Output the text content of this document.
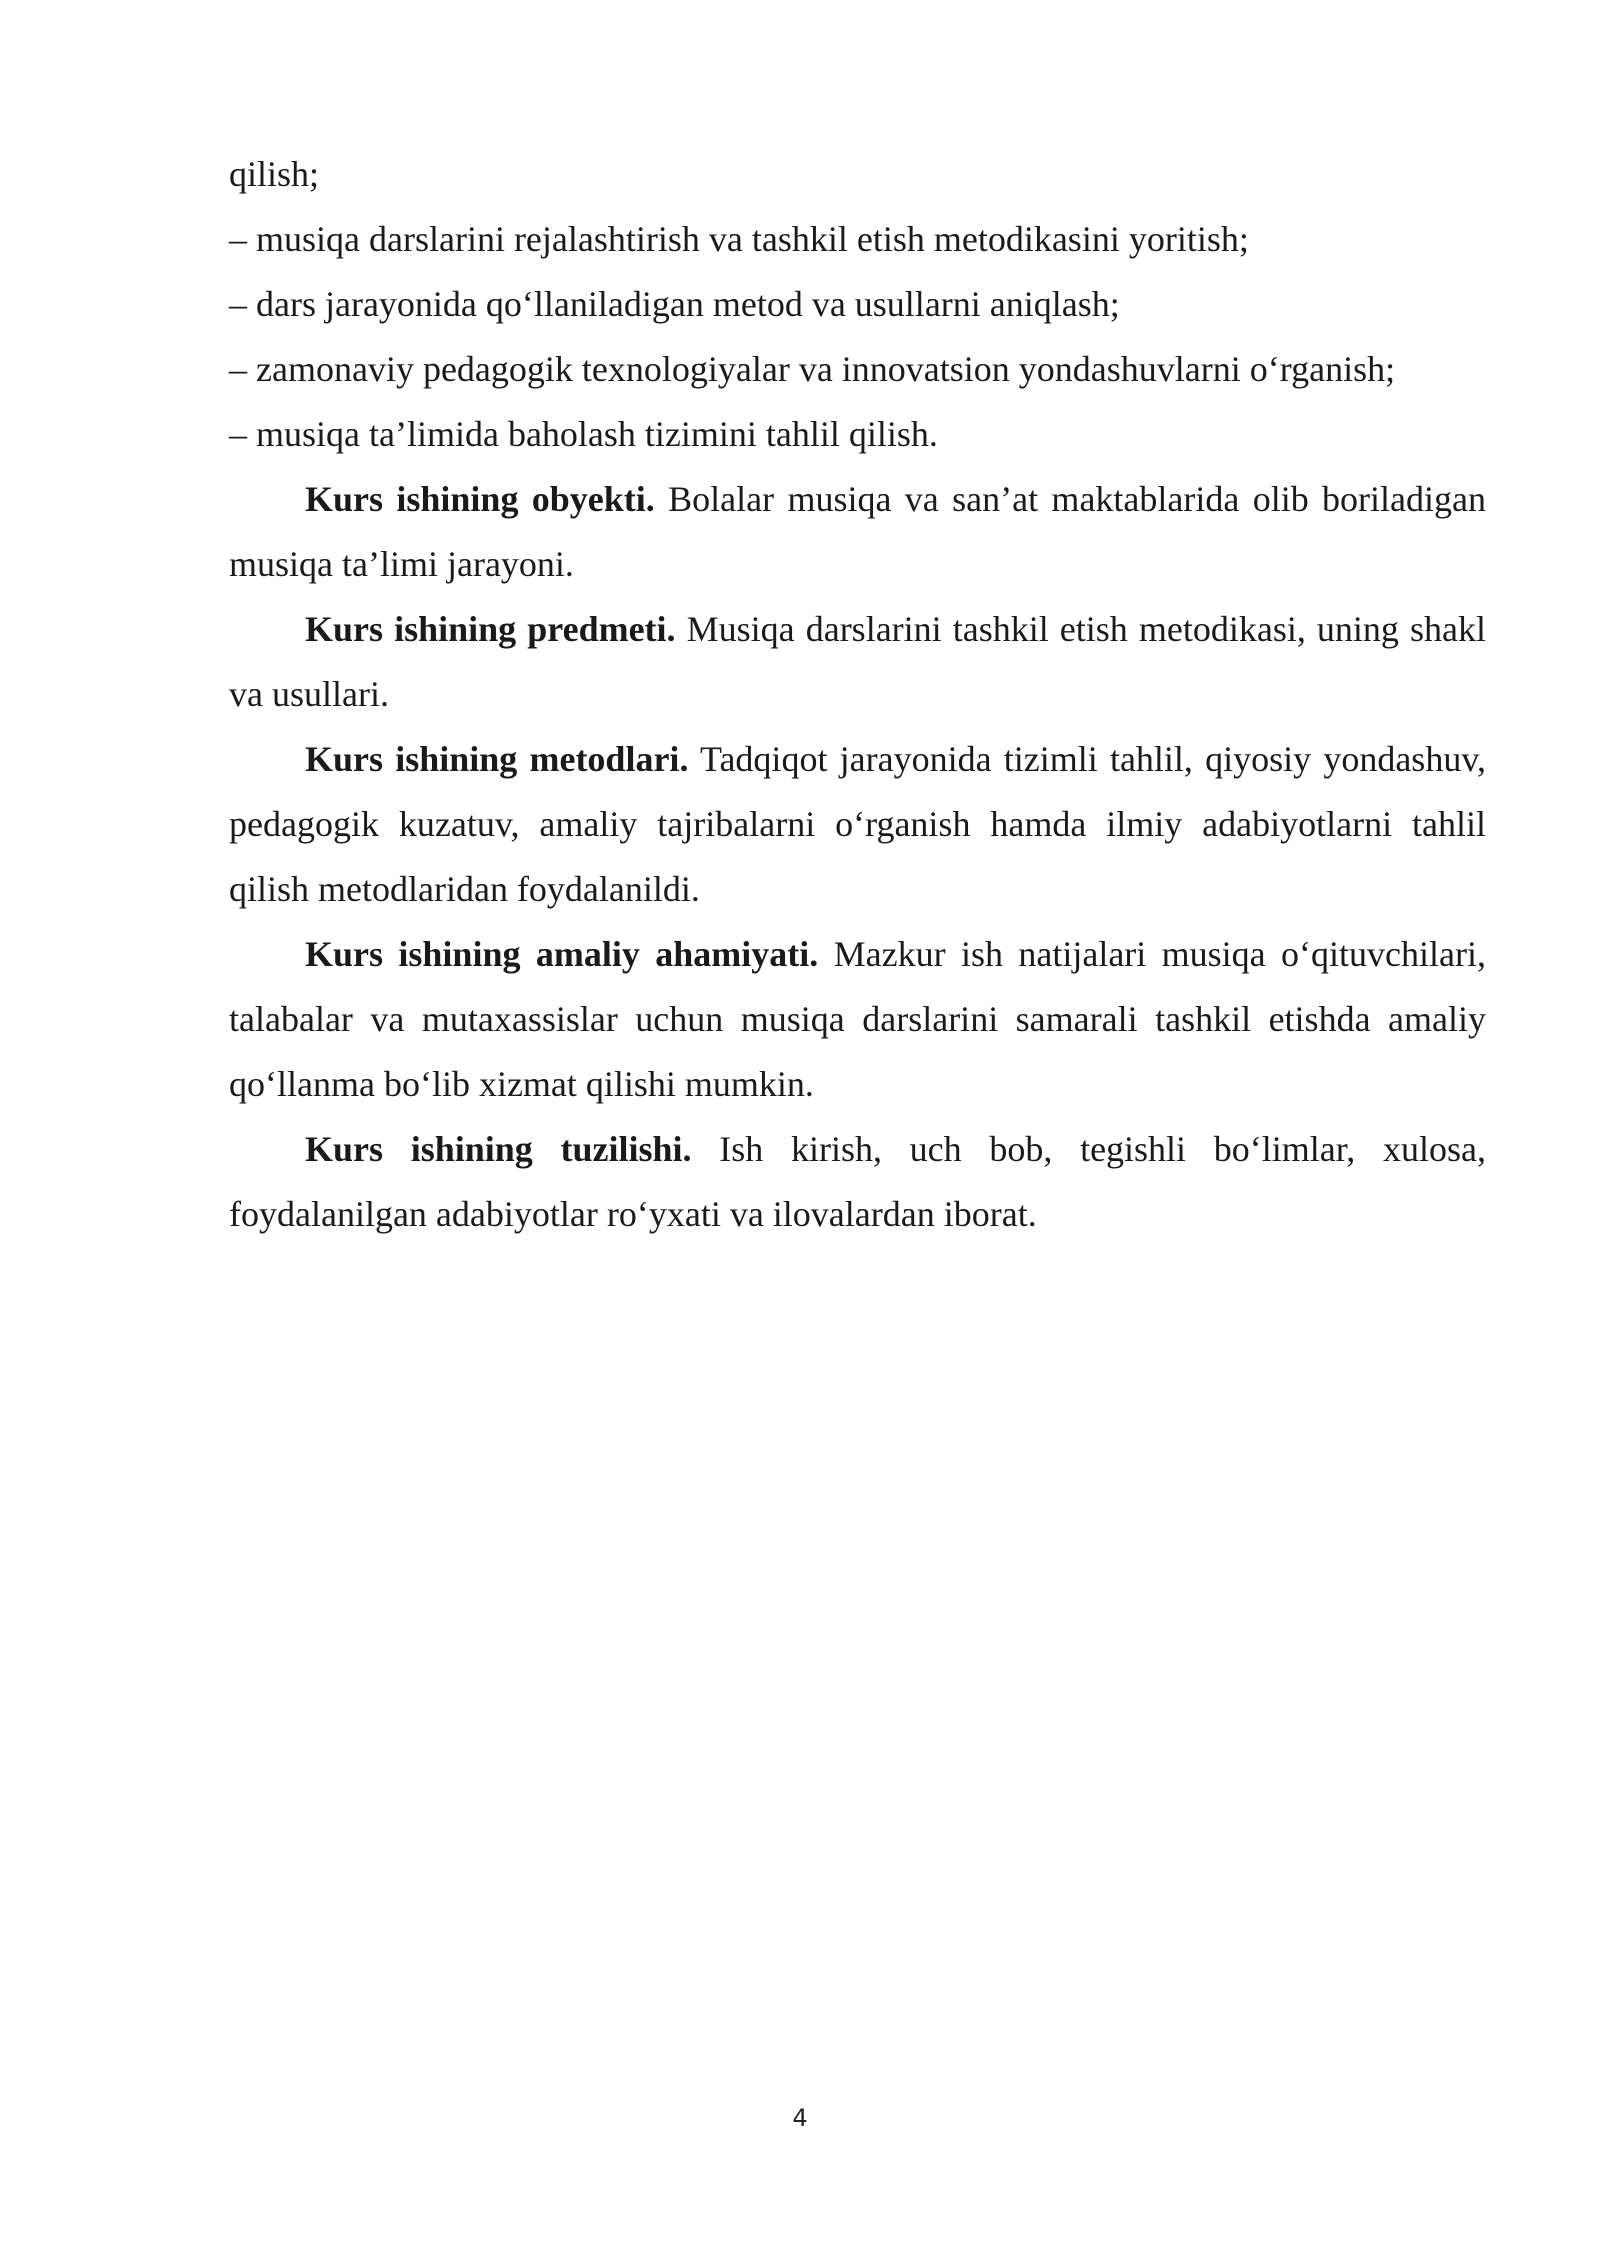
qilish;

– musiqa darslarini rejalashtirish va tashkil etish metodikasini yoritish;

– dars jarayonida qo‘llaniladigan metod va usullarni aniqlash;

– zamonaviy pedagogik texnologiyalar va innovatsion yondashuvlarni o‘rganish;

– musiqa ta’limida baholash tizimini tahlil qilish.

Kurs ishining obyekti. Bolalar musiqa va san’at maktablarida olib boriladigan musiqa ta’limi jarayoni.

Kurs ishining predmeti. Musiqa darslarini tashkil etish metodikasi, uning shakl va usullari.

Kurs ishining metodlari. Tadqiqot jarayonida tizimli tahlil, qiyosiy yondashuv, pedagogik kuzatuv, amaliy tajribalarni o‘rganish hamda ilmiy adabiyotlarni tahlil qilish metodlaridan foydalanildi.

Kurs ishining amaliy ahamiyati. Mazkur ish natijalari musiqa o‘qituvchilari, talabalar va mutaxassislar uchun musiqa darslarini samarali tashkil etishda amaliy qo‘llanma bo‘lib xizmat qilishi mumkin.

Kurs ishining tuzilishi. Ish kirish, uch bob, tegishli bo‘limlar, xulosa, foydalanilgan adabiyotlar ro‘yxati va ilovalardan iborat.

4
